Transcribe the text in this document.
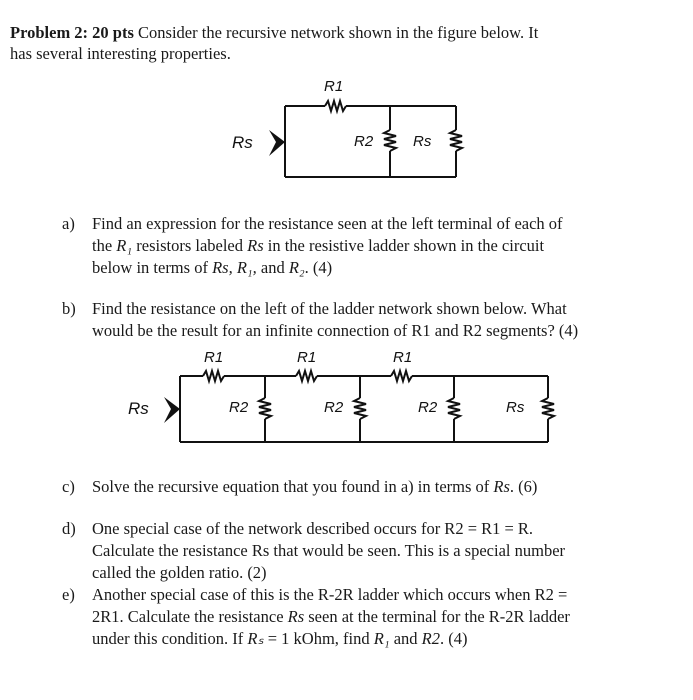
Problem 2: 20 pts Consider the recursive network shown in the figure below. It
has several interesting properties.
R1
Rs	R2	Rs
a) Find an expression for the resistance seen at the left terminal of each of
the R₁ resistors labeled Rs in the resistive ladder shown in the circuit
below in terms of Rs, R₁, and R₂. (4)
b) Find the resistance on the left of the ladder network shown below. What
would be the result for an infinite connection of R1 and R2 segments? (4)
R1	R1	R1
Rs	R2	R2	R2	Rs
c) Solve the recursive equation that you found in a) in terms of Rs. (6)
d) One special case of the network described occurs for R2 = R1 = R.
Calculate the resistance Rs that would be seen. This is a special number
called the golden ratio. (2)
e) Another special case of this is the R-2R ladder which occurs when R2 =
2R1. Calculate the resistance Rs seen at the terminal for the R-2R ladder
under this condition. If Rₛ = 1 kOhm, find R₁ and R2. (4)
